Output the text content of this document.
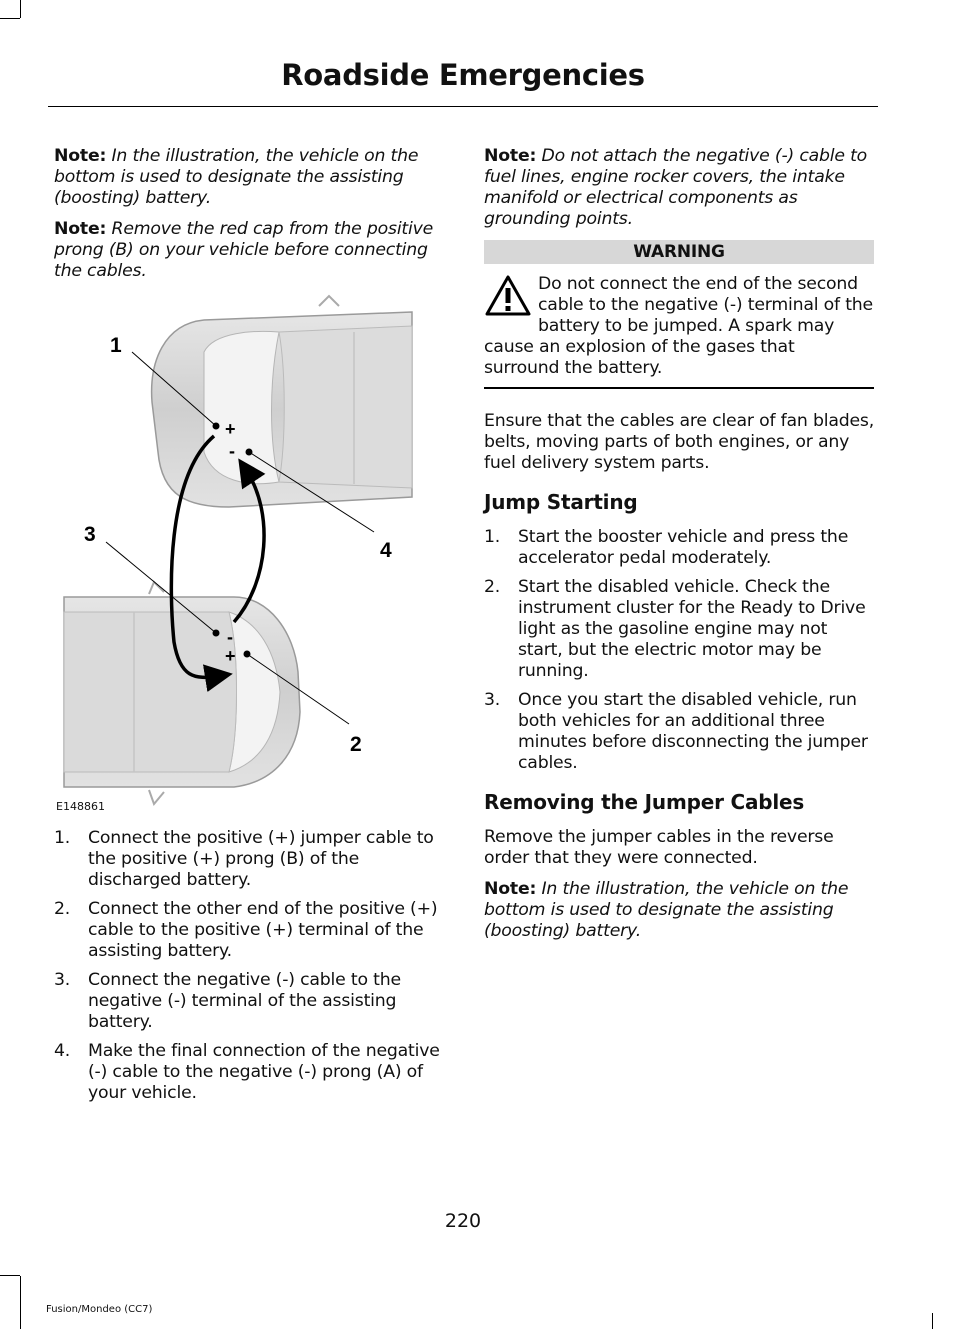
Roadside Emergencies

Note: In the illustration, the vehicle on the bottom is used to designate the assisting (boosting) battery.

Note: Remove the red cap from the positive prong (B) on your vehicle before connecting the cables.

+
-
-
+
1
2
3
4
E148861
1. Connect the positive (+) jumper cable to the positive (+) prong (B) of the discharged battery.
2. Connect the other end of the positive (+) cable to the positive (+) terminal of the assisting battery.
3. Connect the negative (-) cable to the negative (-) terminal of the assisting battery.
4. Make the final connection of the negative (-) cable to the negative (-) prong (A) of your vehicle.

Note: Do not attach the negative (-) cable to fuel lines, engine rocker covers, the intake manifold or electrical components as grounding points.

WARNING
Do not connect the end of the second cable to the negative (-) terminal of the battery to be jumped. A spark may cause an explosion of the gases that surround the battery.

Ensure that the cables are clear of fan blades, belts, moving parts of both engines, or any fuel delivery system parts.

Jump Starting
1. Start the booster vehicle and press the accelerator pedal moderately.
2. Start the disabled vehicle. Check the instrument cluster for the Ready to Drive light as the gasoline engine may not start, but the electric motor may be running.
3. Once you start the disabled vehicle, run both vehicles for an additional three minutes before disconnecting the jumper cables.
Removing the Jumper Cables

Remove the jumper cables in the reverse order that they were connected.

Note: In the illustration, the vehicle on the bottom is used to designate the assisting (boosting) battery.

220
Fusion/Mondeo (CC7)
